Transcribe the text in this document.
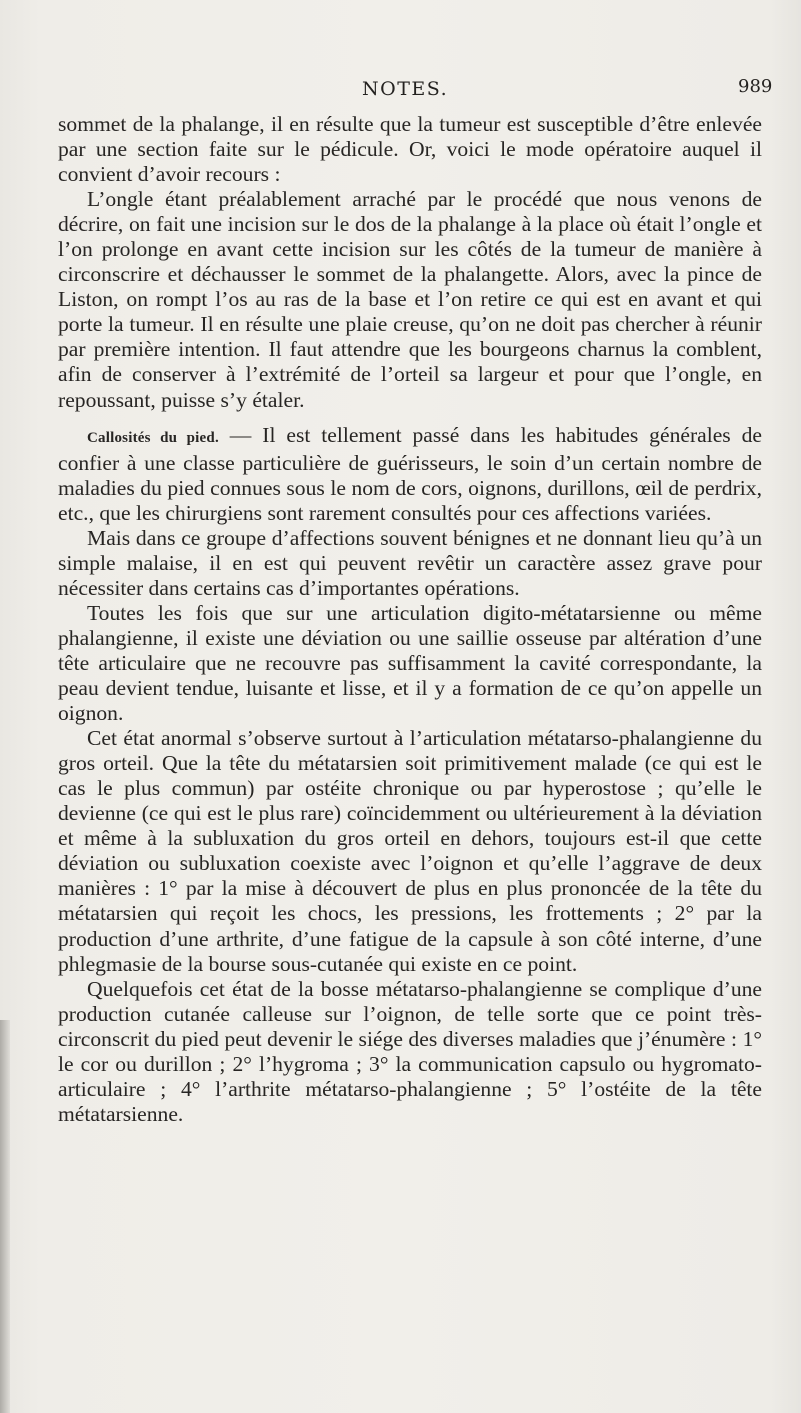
NOTES.	989

sommet de la phalange, il en résulte que la tumeur est susceptible d’être enlevée par une section faite sur le pédicule. Or, voici le mode opératoire auquel il convient d’avoir recours :

L’ongle étant préalablement arraché par le procédé que nous venons de décrire, on fait une incision sur le dos de la phalange à la place où était l’ongle et l’on prolonge en avant cette incision sur les côtés de la tumeur de manière à circonscrire et déchausser le sommet de la phalangette. Alors, avec la pince de Liston, on rompt l’os au ras de la base et l’on retire ce qui est en avant et qui porte la tumeur. Il en résulte une plaie creuse, qu’on ne doit pas chercher à réunir par première intention. Il faut attendre que les bourgeons charnus la comblent, afin de conserver à l’extrémité de l’orteil sa largeur et pour que l’ongle, en repoussant, puisse s’y étaler.

Callosités du pied. — Il est tellement passé dans les habitudes générales de confier à une classe particulière de guérisseurs, le soin d’un certain nombre de maladies du pied connues sous le nom de cors, oignons, durillons, œil de perdrix, etc., que les chirurgiens sont rarement consultés pour ces affections variées.

Mais dans ce groupe d’affections souvent bénignes et ne donnant lieu qu’à un simple malaise, il en est qui peuvent revêtir un caractère assez grave pour nécessiter dans certains cas d’importantes opérations.

Toutes les fois que sur une articulation digito-métatarsienne ou même phalangienne, il existe une déviation ou une saillie osseuse par altération d’une tête articulaire que ne recouvre pas suffisamment la cavité correspondante, la peau devient tendue, luisante et lisse, et il y a formation de ce qu’on appelle un oignon.

Cet état anormal s’observe surtout à l’articulation métatarso-phalangienne du gros orteil. Que la tête du métatarsien soit primitivement malade (ce qui est le cas le plus commun) par ostéite chronique ou par hyperostose ; qu’elle le devienne (ce qui est le plus rare) coïncidemment ou ultérieurement à la déviation et même à la subluxation du gros orteil en dehors, toujours est-il que cette déviation ou subluxation coexiste avec l’oignon et qu’elle l’aggrave de deux manières : 1° par la mise à découvert de plus en plus prononcée de la tête du métatarsien qui reçoit les chocs, les pressions, les frottements ; 2° par la production d’une arthrite, d’une fatigue de la capsule à son côté interne, d’une phlegmasie de la bourse sous-cutanée qui existe en ce point.

Quelquefois cet état de la bosse métatarso-phalangienne se complique d’une production cutanée calleuse sur l’oignon, de telle sorte que ce point très-circonscrit du pied peut devenir le siége des diverses maladies que j’énumère : 1° le cor ou durillon ; 2° l’hygroma ; 3° la communication capsulo ou hygromato-articulaire ; 4° l’arthrite métatarso-phalangienne ; 5° l’ostéite de la tête métatarsienne.
